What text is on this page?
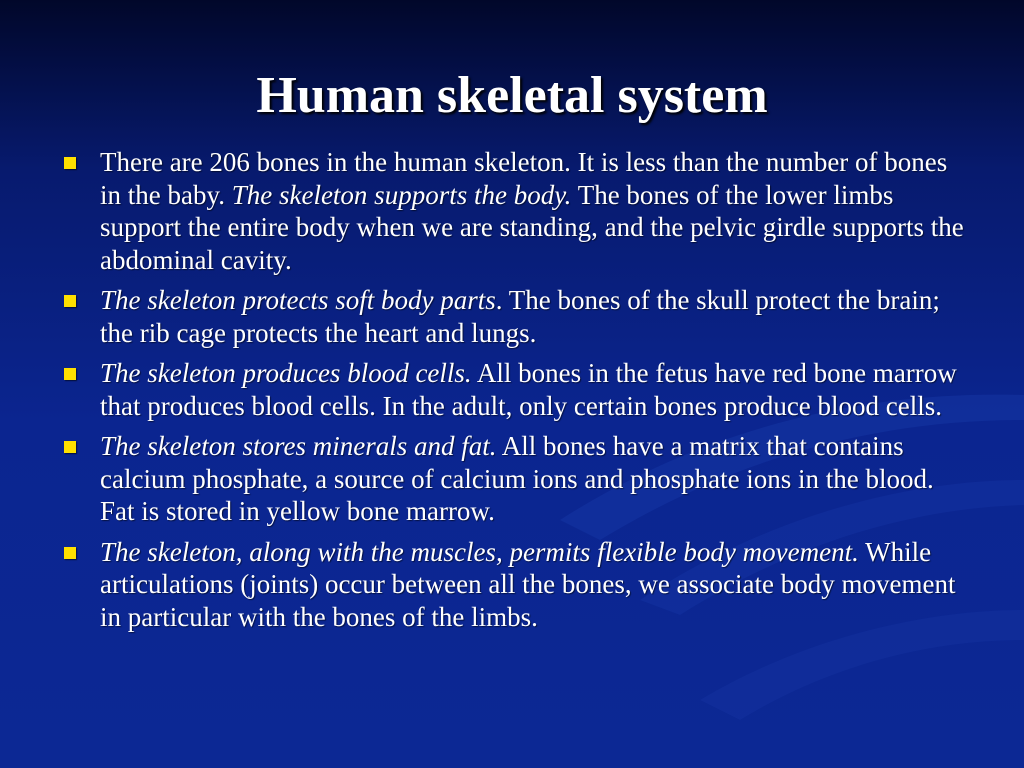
Human skeletal system
There are 206 bones in the human skeleton. It is less than the number of bones in the baby. The skeleton supports the body. The bones of the lower limbs support the entire body when we are standing, and the pelvic girdle supports the abdominal cavity.
The skeleton protects soft body parts. The bones of the skull protect the brain; the rib cage protects the heart and lungs.
The skeleton produces blood cells. All bones in the fetus have red bone marrow that produces blood cells. In the adult, only certain bones produce blood cells.
The skeleton stores minerals and fat. All bones have a matrix that contains calcium phosphate, a source of calcium ions and phosphate ions in the blood. Fat is stored in yellow bone marrow.
The skeleton, along with the muscles, permits flexible body movement. While articulations (joints) occur between all the bones, we associate body movement in particular with the bones of the limbs.
